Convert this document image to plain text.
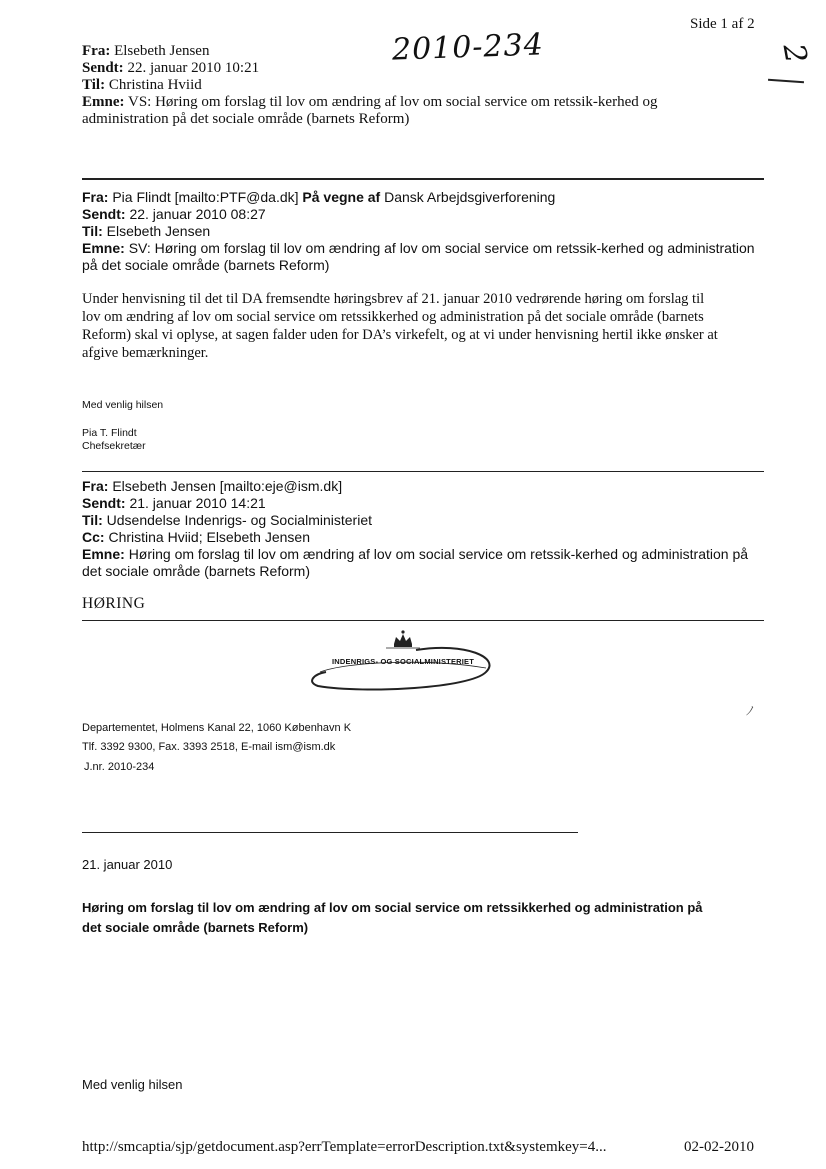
Side 1 af 2
2010-234	2
Fra: Elsebeth Jensen
Sendt: 22. januar 2010 10:21
Til: Christina Hviid
Emne: VS: Høring om forslag til lov om ændring af lov om social service om retssik-kerhed og
administration på det sociale område (barnets Reform)
Fra: Pia Flindt [mailto:PTF@da.dk] På vegne af Dansk Arbejdsgiverforening
Sendt: 22. januar 2010 08:27
Til: Elsebeth Jensen
Emne: SV: Høring om forslag til lov om ændring af lov om social service om retssik-kerhed og administration
på det sociale område (barnets Reform)
Under henvisning til det til DA fremsendte høringsbrev af 21. januar 2010 vedrørende høring om forslag til
lov om ændring af lov om social service om retssikkerhed og administration på det sociale område (barnets
Reform) skal vi oplyse, at sagen falder uden for DA’s virkefelt, og at vi under henvisning hertil ikke ønsker at
afgive bemærkninger.
Med venlig hilsen
Pia T. Flindt
Chefsekretær
Fra: Elsebeth Jensen [mailto:eje@ism.dk]
Sendt: 21. januar 2010 14:21
Til: Udsendelse Indenrigs- og Socialministeriet
Cc: Christina Hviid; Elsebeth Jensen
Emne: Høring om forslag til lov om ændring af lov om social service om retssik-kerhed og administration på
det sociale område (barnets Reform)
HØRING
INDENRIGS- OG SOCIALMINISTERIET
ﾉ
Departementet, Holmens Kanal 22, 1060 København K
Tlf. 3392 9300, Fax. 3393 2518, E-mail ism@ism.dk
J.nr. 2010-234
21. januar 2010
Høring om forslag til lov om ændring af lov om social service om retssikkerhed og administration på
det sociale område (barnets Reform)
Med venlig hilsen
http://smcaptia/sjp/getdocument.asp?errTemplate=errorDescription.txt&systemkey=4...	02-02-2010
